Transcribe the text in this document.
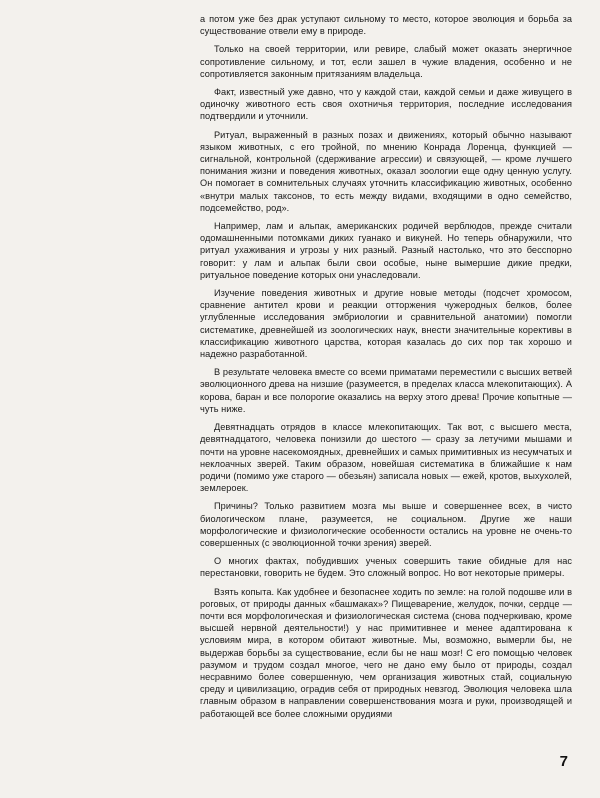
а потом уже без драк уступают сильному то место, которое эволюция и борьба за существование отвели ему в природе.

Только на своей территории, или ревире, слабый может оказать энергичное сопротивление сильному, и тот, если зашел в чужие владения, особенно и не сопротивляется законным притязаниям владельца.

Факт, известный уже давно, что у каждой стаи, каждой семьи и даже живущего в одиночку животного есть своя охотничья территория, последние исследования подтвердили и уточнили.

Ритуал, выраженный в разных позах и движениях, который обычно называют языком животных, с его тройной, по мнению Конрада Лоренца, функцией — сигнальной, контрольной (сдерживание агрессии) и связующей, — кроме лучшего понимания жизни и поведения животных, оказал зоологии еще одну ценную услугу. Он помогает в сомнительных случаях уточнить классификацию животных, особенно «внутри малых таксонов, то есть между видами, входящими в одно семейство, подсемейство, род».

Например, лам и альпак, американских родичей верблюдов, прежде считали одомашненными потомками диких гуанако и викуней. Но теперь обнаружили, что ритуал ухаживания и угрозы у них разный. Разный настолько, что это бесспорно говорит: у лам и альпак были свои особые, ныне вымершие дикие предки, ритуальное поведение которых они унаследовали.

Изучение поведения животных и другие новые методы (подсчет хромосом, сравнение антител крови и реакции отторжения чужеродных белков, более углубленные исследования эмбриологии и сравнительной анатомии) помогли систематике, древнейшей из зоологических наук, внести значительные корективы в классификацию животного царства, которая казалась до сих пор так хорошо и надежно разработанной.

В результате человека вместе со всеми приматами переместили с высших ветвей эволюционного древа на низшие (разумеется, в пределах класса млекопитающих). А корова, баран и все полорогие оказались на верху этого древа! Прочие копытные — чуть ниже.

Девятнадцать отрядов в классе млекопитающих. Так вот, с высшего места, девятнадцатого, человека понизили до шестого — сразу за летучими мышами и почти на уровне насекомоядных, древнейших и самых примитивных из несумчатых и неклоачных зверей. Таким образом, новейшая систематика в ближайшие к нам родичи (помимо уже старого — обезьян) записала новых — ежей, кротов, выхухолей, землероек.

Причины? Только развитием мозга мы выше и совершеннее всех, в чисто биологическом плане, разумеется, не социальном. Другие же наши морфологические и физиологические особенности остались на уровне не очень-то совершенных (с эволюционной точки зрения) зверей.

О многих фактах, побудивших ученых совершить такие обидные для нас перестановки, говорить не будем. Это сложный вопрос. Но вот некоторые примеры.

Взять копыта. Как удобнее и безопаснее ходить по земле: на голой подошве или в роговых, от природы данных «башмаках»? Пищеварение, желудок, почки, сердце — почти вся морфологическая и физиологическая система (снова подчеркиваю, кроме высшей нервной деятельности!) у нас примитивнее и менее адаптирована к условиям мира, в котором обитают животные. Мы, возможно, вымерли бы, не выдержав борьбы за существование, если бы не наш мозг! С его помощью человек разумом и трудом создал многое, чего не дано ему было от природы, создал несравнимо более совершенную, чем организация животных стай, социальную среду и цивилизацию, оградив себя от природных невзгод. Эволюция человека шла главным образом в направлении совершенствования мозга и руки, производящей и работающей все более сложными орудиями

7
